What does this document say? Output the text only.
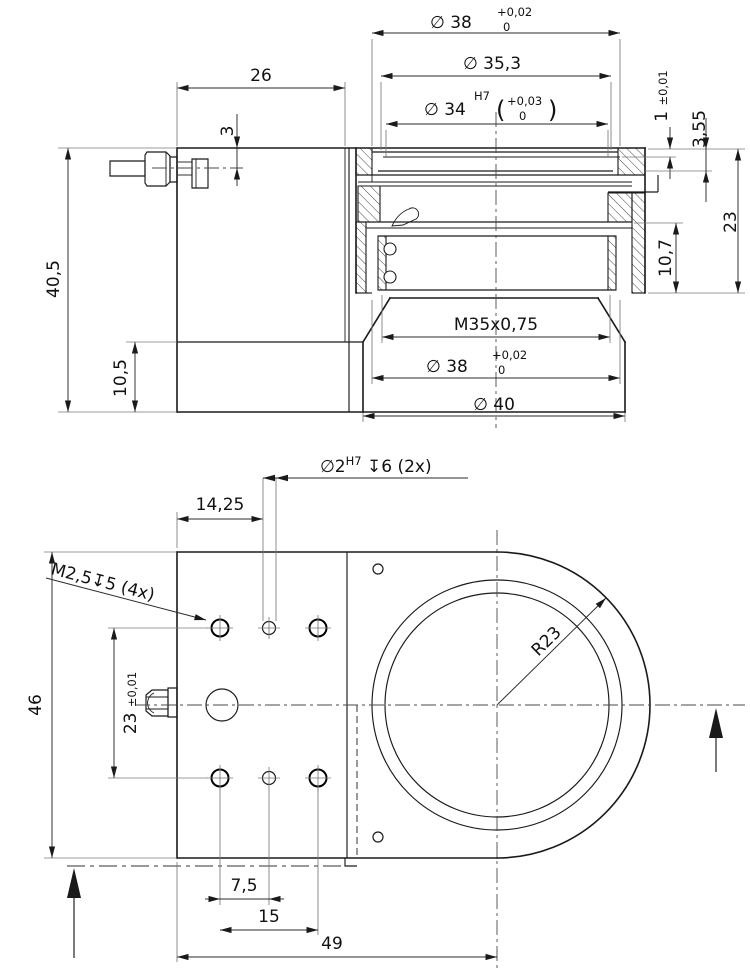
∅ 38
+0,02
0
∅ 35,3
∅ 34
H7 ( +0,03
0 )
26
3
40,5
10,5
M35x0,75
∅ 38
+0,02
0
∅ 40
1 ±0,01
3,55
23
10,7
46
23 ±0,01
14,25
$\emptyset 2^{H7}$ ↧6 (2x)
M2,5↧5 (4x)
7,5
15
49
R23
